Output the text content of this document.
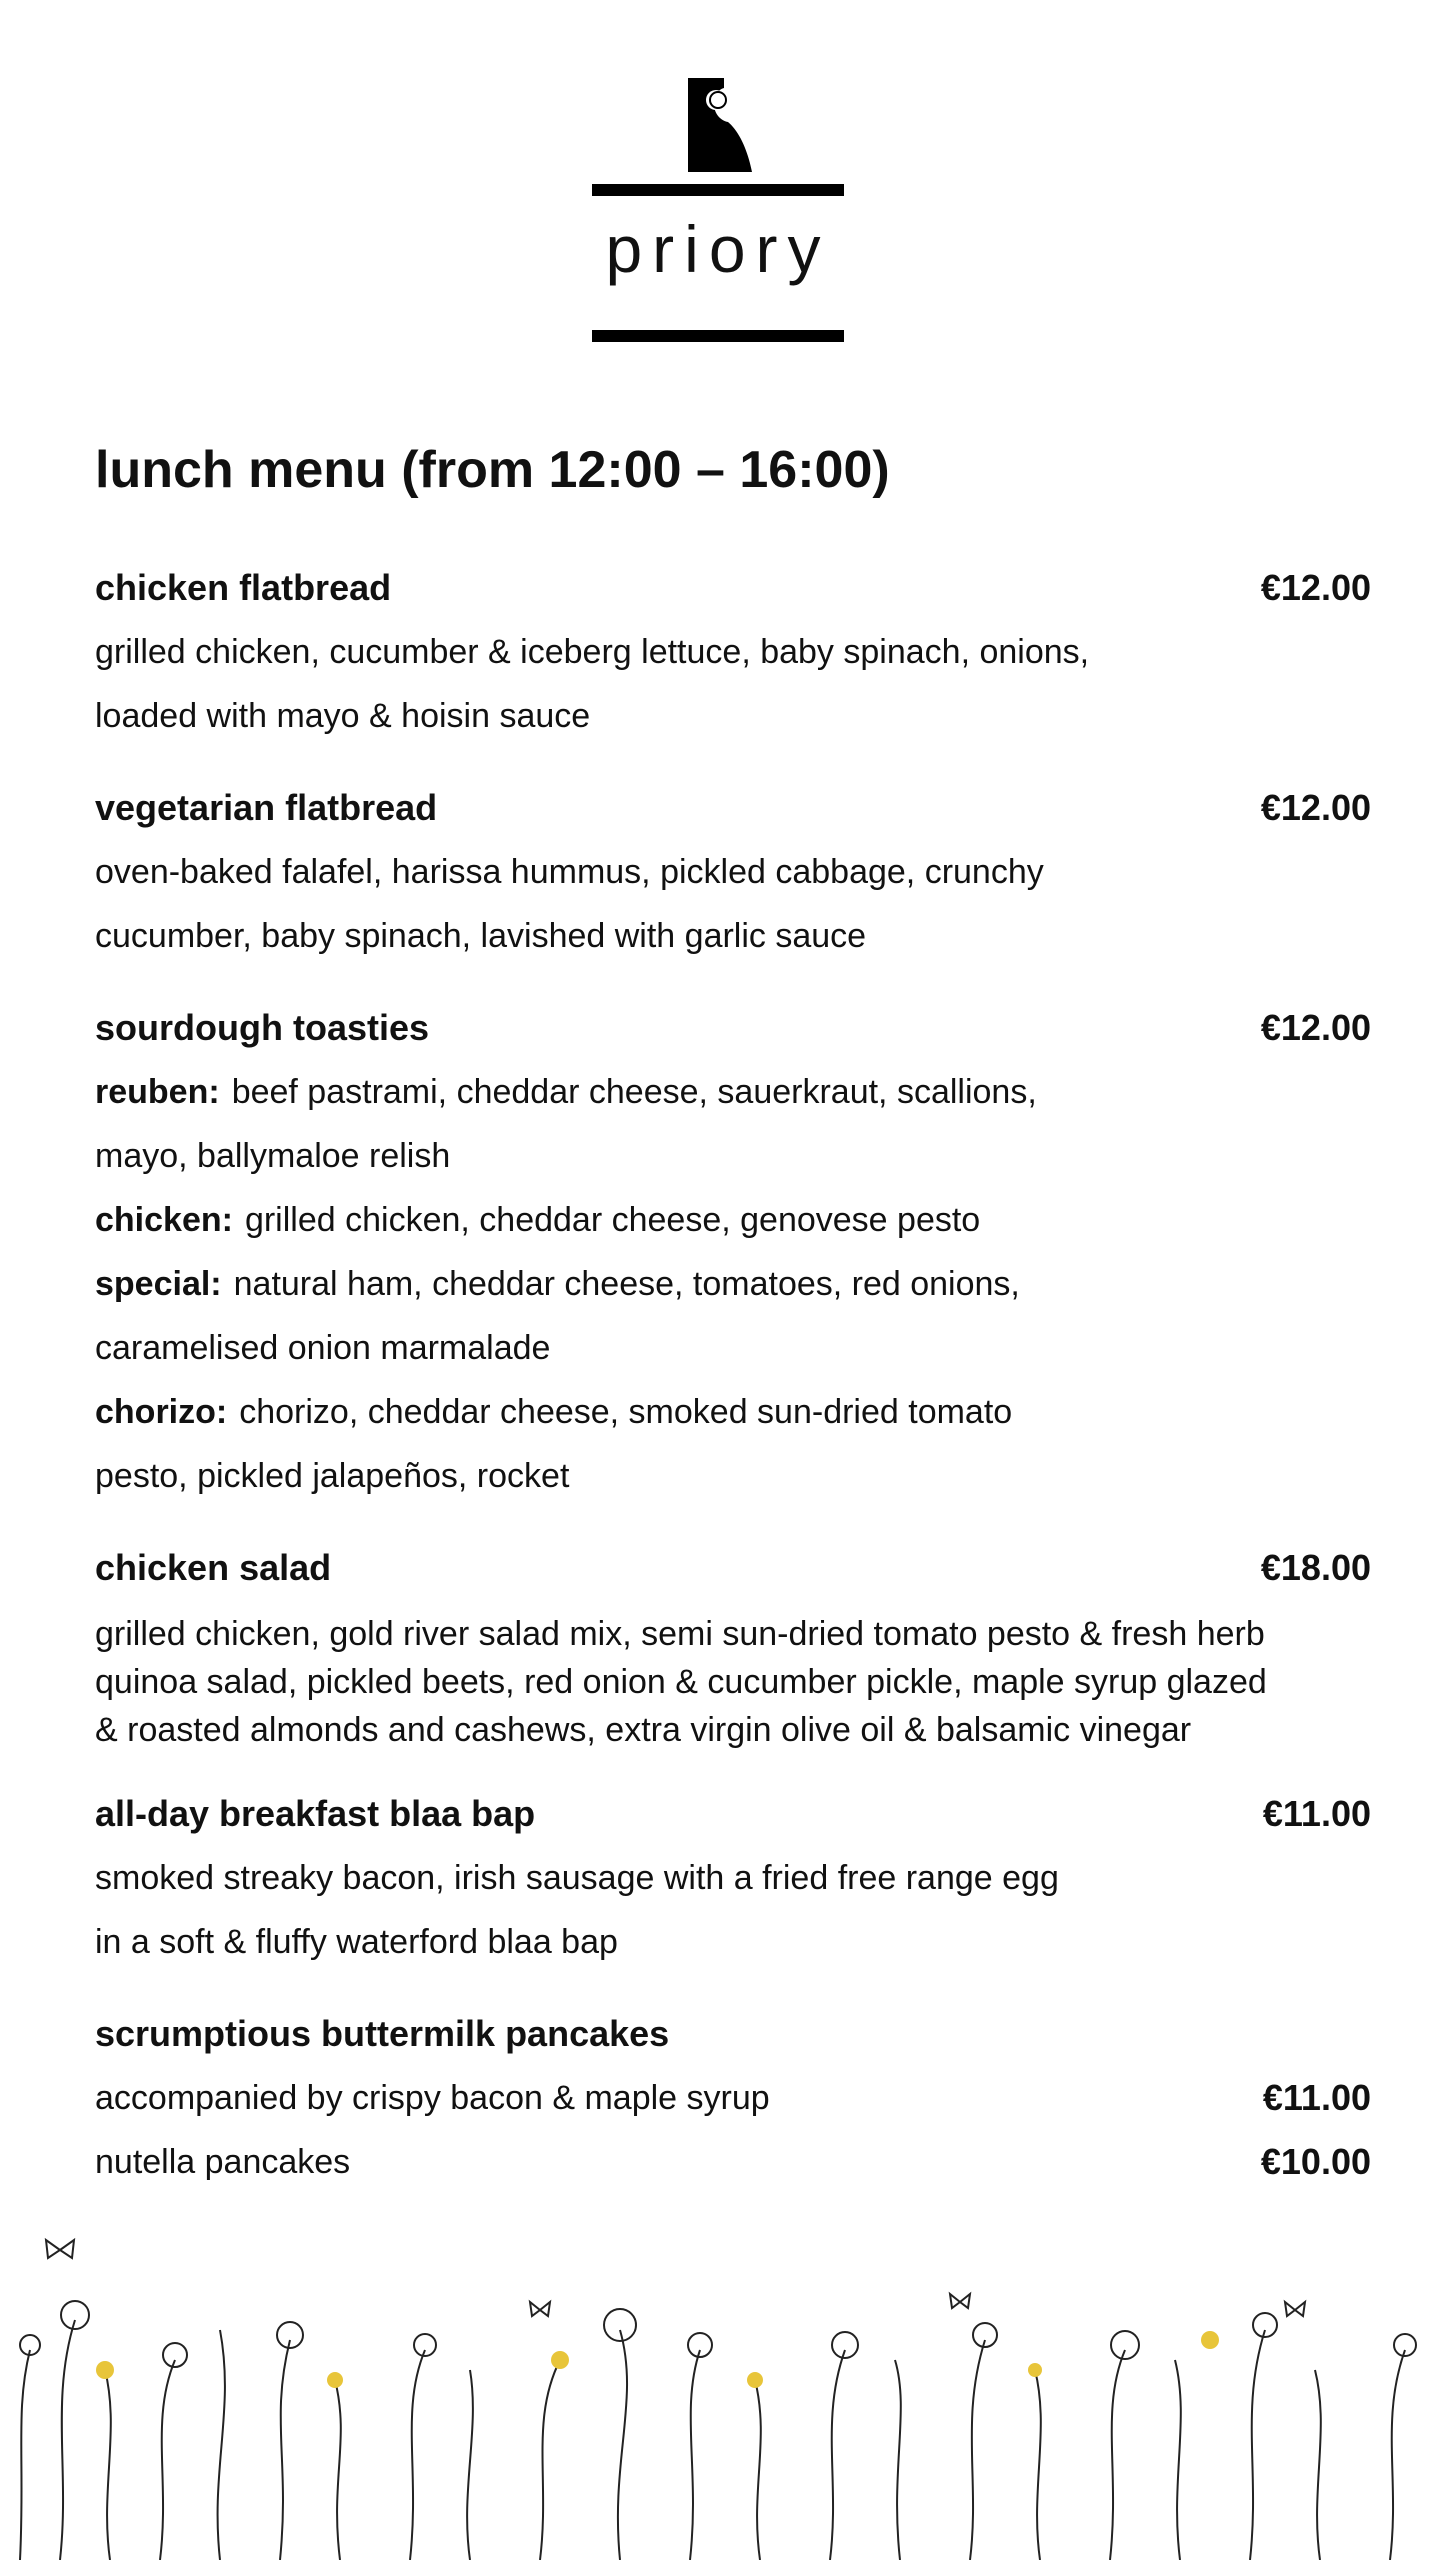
priory
lunch menu (from 12:00 – 16:00)
chicken flatbread	€12.00
grilled chicken, cucumber & iceberg lettuce, baby spinach, onions,
loaded with mayo & hoisin sauce
vegetarian flatbread	€12.00
oven-baked falafel, harissa hummus, pickled cabbage, crunchy
cucumber, baby spinach, lavished with garlic sauce
sourdough toasties	€12.00
reuben: beef pastrami, cheddar cheese, sauerkraut, scallions,
mayo, ballymaloe relish
chicken: grilled chicken, cheddar cheese, genovese pesto
special: natural ham, cheddar cheese, tomatoes, red onions,
caramelised onion marmalade
chorizo: chorizo, cheddar cheese, smoked sun-dried tomato
pesto, pickled jalapeños, rocket
chicken salad	€18.00
grilled chicken, gold river salad mix, semi sun-dried tomato pesto & fresh herb
quinoa salad, pickled beets, red onion & cucumber pickle, maple syrup glazed
& roasted almonds and cashews, extra virgin olive oil & balsamic vinegar
all-day breakfast blaa bap	€11.00
smoked streaky bacon, irish sausage with a fried free range egg
in a soft & fluffy waterford blaa bap
scrumptious buttermilk pancakes
accompanied by crispy bacon & maple syrup	€11.00
nutella pancakes	€10.00
